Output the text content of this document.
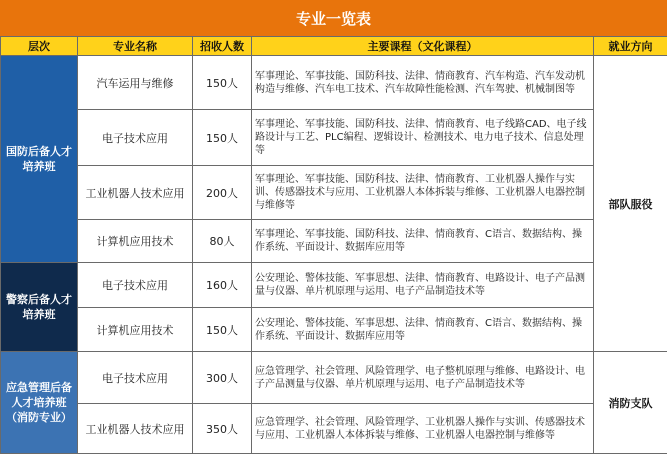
专业一览表
层次	专业名称	招收人数	主要课程（文化课程）	就业方向
国防后备人才培养班	汽车运用与维修	150人	军事理论、军事技能、国防科技、法律、情商教育、汽车构造、汽车发动机构造与维修、汽车电工技术、汽车故障性能检测、汽车驾驶、机械制图等	部队服役
	电子技术应用	150人	军事理论、军事技能、国防科技、法律、情商教育、电子线路CAD、电子线路设计与工艺、PLC编程、逻辑设计、检测技术、电力电子技术、信息处理等	
	工业机器人技术应用	200人	军事理论、军事技能、国防科技、法律、情商教育、工业机器人操作与实训、传感器技术与应用、工业机器人本体拆装与维修、工业机器人电器控制与维修等	
	计算机应用技术	80人	军事理论、军事技能、国防科技、法律、情商教育、C语言、数据结构、操作系统、平面设计、数据库应用等	
警察后备人才培养班	电子技术应用	160人	公安理论、警体技能、军事思想、法律、情商教育、电路设计、电子产品测量与仪器、单片机原理与运用、电子产品制造技术等	
	计算机应用技术	150人	公安理论、警体技能、军事思想、法律、情商教育、C语言、数据结构、操作系统、平面设计、数据库应用等	
应急管理后备人才培养班（消防专业）	电子技术应用	300人	应急管理学、社会管理、风险管理学、电子整机原理与维修、电路设计、电子产品测量与仪器、单片机原理与运用、电子产品制造技术等	消防支队
	工业机器人技术应用	350人	应急管理学、社会管理、风险管理学、工业机器人操作与实训、传感器技术与应用、工业机器人本体拆装与维修、工业机器人电器控制与维修等	
